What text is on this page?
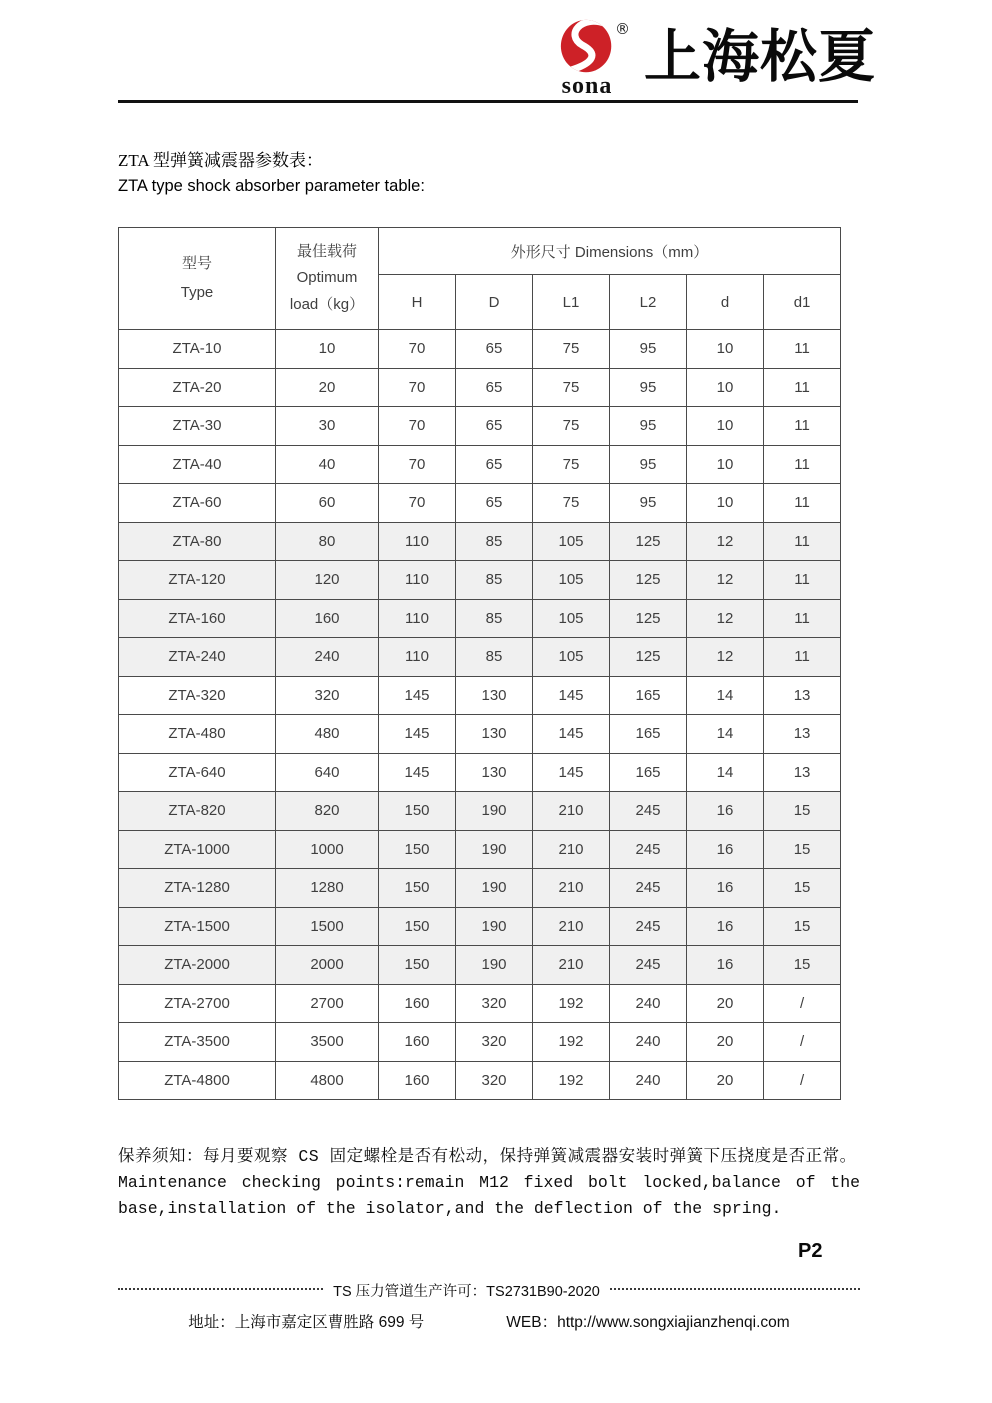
sona
® 上海松夏
ZTA 型弹簧减震器参数表：
ZTA type shock absorber parameter table:
型号
Type

最佳载荷
Optimum
load（kg）
	外形尺寸 Dimensions（mm）
		H	D	L1	L2	d	d1
ZTA-10	10	70	65	75	95	10	11
ZTA-20	20	70	65	75	95	10	11
ZTA-30	30	70	65	75	95	10	11
ZTA-40	40	70	65	75	95	10	11
ZTA-60	60	70	65	75	95	10	11
ZTA-80	80	110	85	105	125	12	11
ZTA-120	120	110	85	105	125	12	11
ZTA-160	160	110	85	105	125	12	11
ZTA-240	240	110	85	105	125	12	11
ZTA-320	320	145	130	145	165	14	13
ZTA-480	480	145	130	145	165	14	13
ZTA-640	640	145	130	145	165	14	13
ZTA-820	820	150	190	210	245	16	15
ZTA-1000	1000	150	190	210	245	16	15
ZTA-1280	1280	150	190	210	245	16	15
ZTA-1500	1500	150	190	210	245	16	15
ZTA-2000	2000	150	190	210	245	16	15
ZTA-2700	2700	160	320	192	240	20	/
ZTA-3500	3500	160	320	192	240	20	/
ZTA-4800	4800	160	320	192	240	20	/
保养须知：每月要观察 CS 固定螺栓是否有松动，保持弹簧减震器安装时弹簧下压挠度是否正常。
Maintenance checking points:remain M12 fixed bolt locked,balance of the
base,installation of the isolator,and the deflection of the spring.
P2
TS 压力管道生产许可：TS2731B90-2020
地址：上海市嘉定区曹胜路 699 号	WEB：http://www.songxiajianzhenqi.com
